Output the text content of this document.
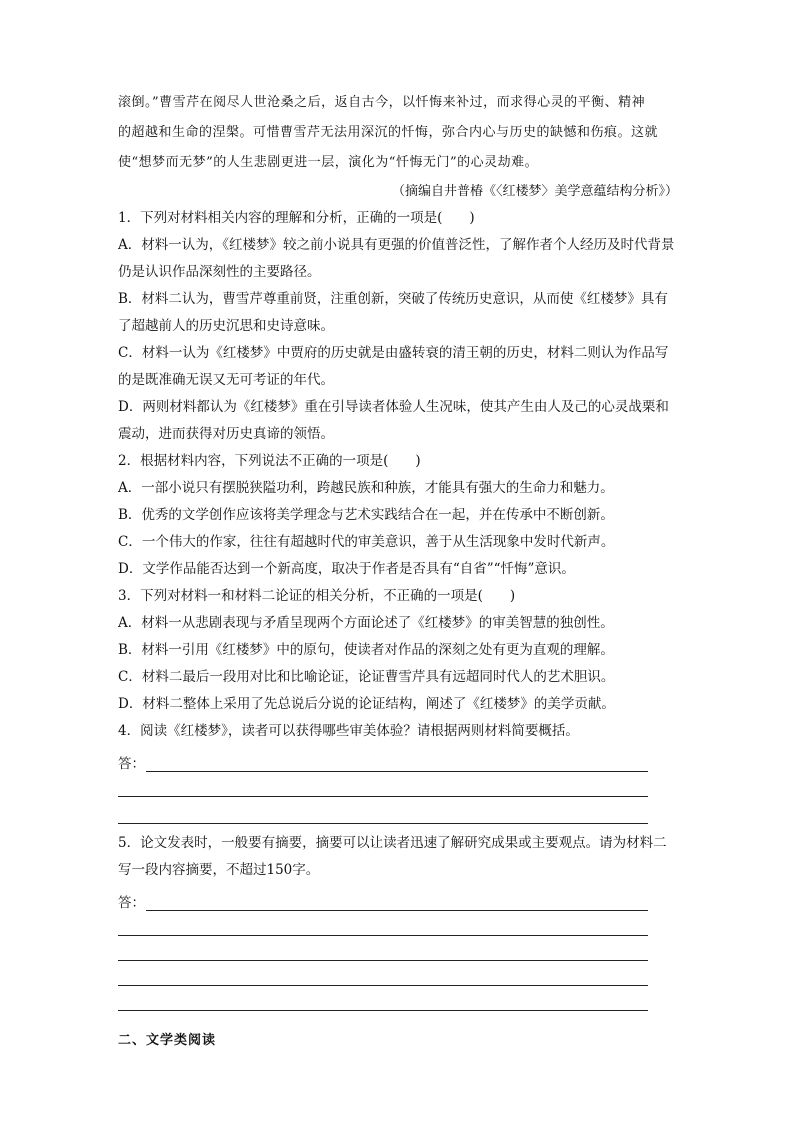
滚倒。”曹雪芹在阅尽人世沧桑之后，返自古今，以忏悔来补过，而求得心灵的平衡、精神

的超越和生命的涅槃。可惜曹雪芹无法用深沉的忏悔，弥合内心与历史的缺憾和伤痕。这就

使“想梦而无梦”的人生悲剧更进一层，演化为“忏悔无门”的心灵劫难。

（摘编自井普椿《〈红楼梦〉美学意蕴结构分析》）

1．下列对材料相关内容的理解和分析，正确的一项是(　　)

A．材料一认为，《红楼梦》较之前小说具有更强的价值普泛性，了解作者个人经历及时代背景仍是认识作品深刻性的主要路径。

B．材料二认为，曹雪芹尊重前贤，注重创新，突破了传统历史意识，从而使《红楼梦》具有了超越前人的历史沉思和史诗意味。

C．材料一认为《红楼梦》中贾府的历史就是由盛转衰的清王朝的历史，材料二则认为作品写的是既准确无误又无可考证的年代。

D．两则材料都认为《红楼梦》重在引导读者体验人生况味，使其产生由人及己的心灵战栗和震动，进而获得对历史真谛的领悟。

2．根据材料内容，下列说法不正确的一项是(　　)

A．一部小说只有摆脱狭隘功利，跨越民族和种族，才能具有强大的生命力和魅力。

B．优秀的文学创作应该将美学理念与艺术实践结合在一起，并在传承中不断创新。

C．一个伟大的作家，往往有超越时代的审美意识，善于从生活现象中发时代新声。

D．文学作品能否达到一个新高度，取决于作者是否具有“自省”“忏悔”意识。

3．下列对材料一和材料二论证的相关分析，不正确的一项是(　　)

A．材料一从悲剧表现与矛盾呈现两个方面论述了《红楼梦》的审美智慧的独创性。

B．材料一引用《红楼梦》中的原句，使读者对作品的深刻之处有更为直观的理解。

C．材料二最后一段用对比和比喻论证，论证曹雪芹具有远超同时代人的艺术胆识。

D．材料二整体上采用了先总说后分说的论证结构，阐述了《红楼梦》的美学贡献。

4．阅读《红楼梦》，读者可以获得哪些审美体验？请根据两则材料简要概括。

答：

5．论文发表时，一般要有摘要，摘要可以让读者迅速了解研究成果或主要观点。请为材料二写一段内容摘要，不超过150字。

答：

二、文学类阅读
